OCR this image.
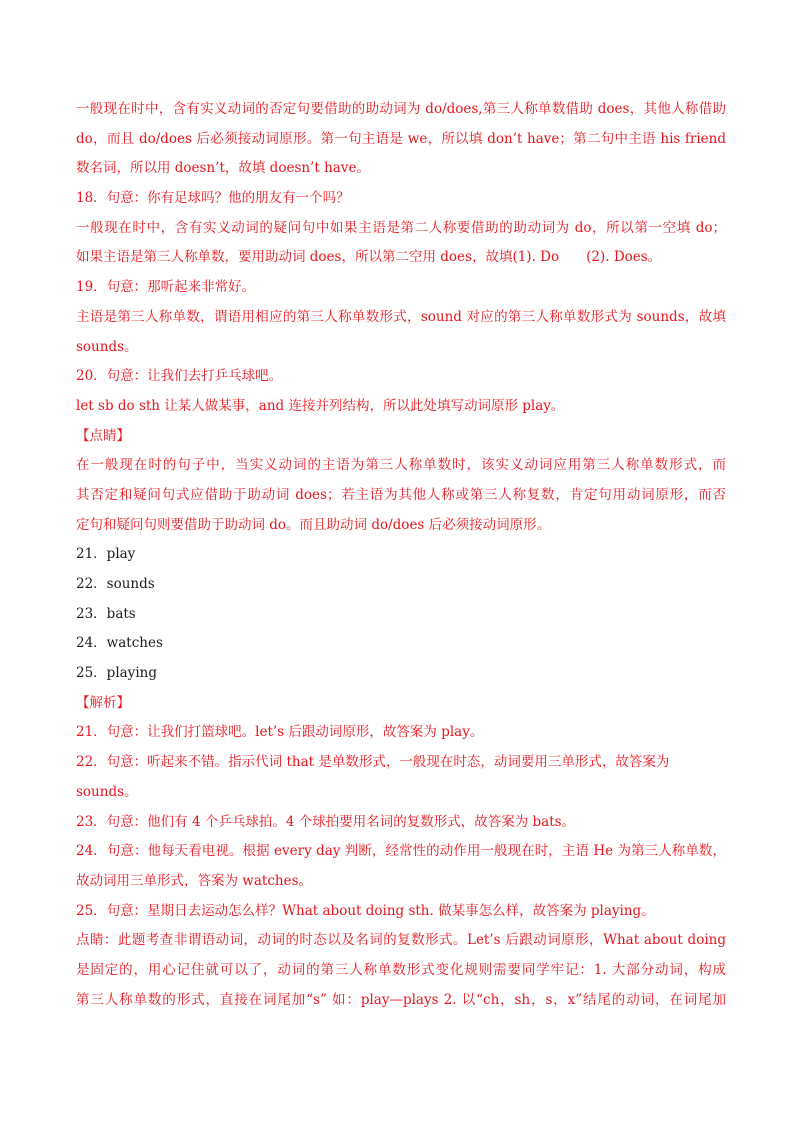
一般现在时中，含有实义动词的否定句要借助的助动词为 do/does,第三人称单数借助 does，其他人称借助
do，而且 do/does 后必须接动词原形。第一句主语是 we，所以填 don’t have；第二句中主语 his friend
数名词，所以用 doesn’t，故填 doesn’t have。
18．句意：你有足球吗？他的朋友有一个吗？
一般现在时中，含有实义动词的疑问句中如果主语是第二人称要借助的助动词为 do，所以第一空填 do；
如果主语是第三人称单数，要用助动词 does，所以第二空用 does，故填(1). Do　　(2). Does。
19．句意：那听起来非常好。
主语是第三人称单数，谓语用相应的第三人称单数形式，sound 对应的第三人称单数形式为 sounds，故填
sounds。
20．句意：让我们去打乒乓球吧。
let sb do sth 让某人做某事，and 连接并列结构，所以此处填写动词原形 play。
【点睛】
在一般现在时的句子中，当实义动词的主语为第三人称单数时，该实义动词应用第三人称单数形式，而
其否定和疑问句式应借助于助动词 does；若主语为其他人称或第三人称复数，肯定句用动词原形，而否
定句和疑问句则要借助于助动词 do。而且助动词 do/does 后必须接动词原形。
21．play
22．sounds
23．bats
24．watches
25．playing
【解析】
21．句意：让我们打篮球吧。let’s 后跟动词原形，故答案为 play。
22．句意：听起来不错。指示代词 that 是单数形式，一般现在时态，动词要用三单形式，故答案为
sounds。
23．句意：他们有 4 个乒乓球拍。4 个球拍要用名词的复数形式，故答案为 bats。
24．句意：他每天看电视。根据 every day 判断，经常性的动作用一般现在时，主语 He 为第三人称单数，
故动词用三单形式，答案为 watches。
25．句意：星期日去运动怎么样？What about doing sth. 做某事怎么样，故答案为 playing。
点睛：此题考查非谓语动词，动词的时态以及名词的复数形式。Let’s 后跟动词原形，What about doing
是固定的，用心记住就可以了，动词的第三人称单数形式变化规则需要同学牢记：1. 大部分动词，构成
第三人称单数的形式，直接在词尾加“s” 如：play—plays 2. 以“ch，sh，s，x”结尾的动词，在词尾加
